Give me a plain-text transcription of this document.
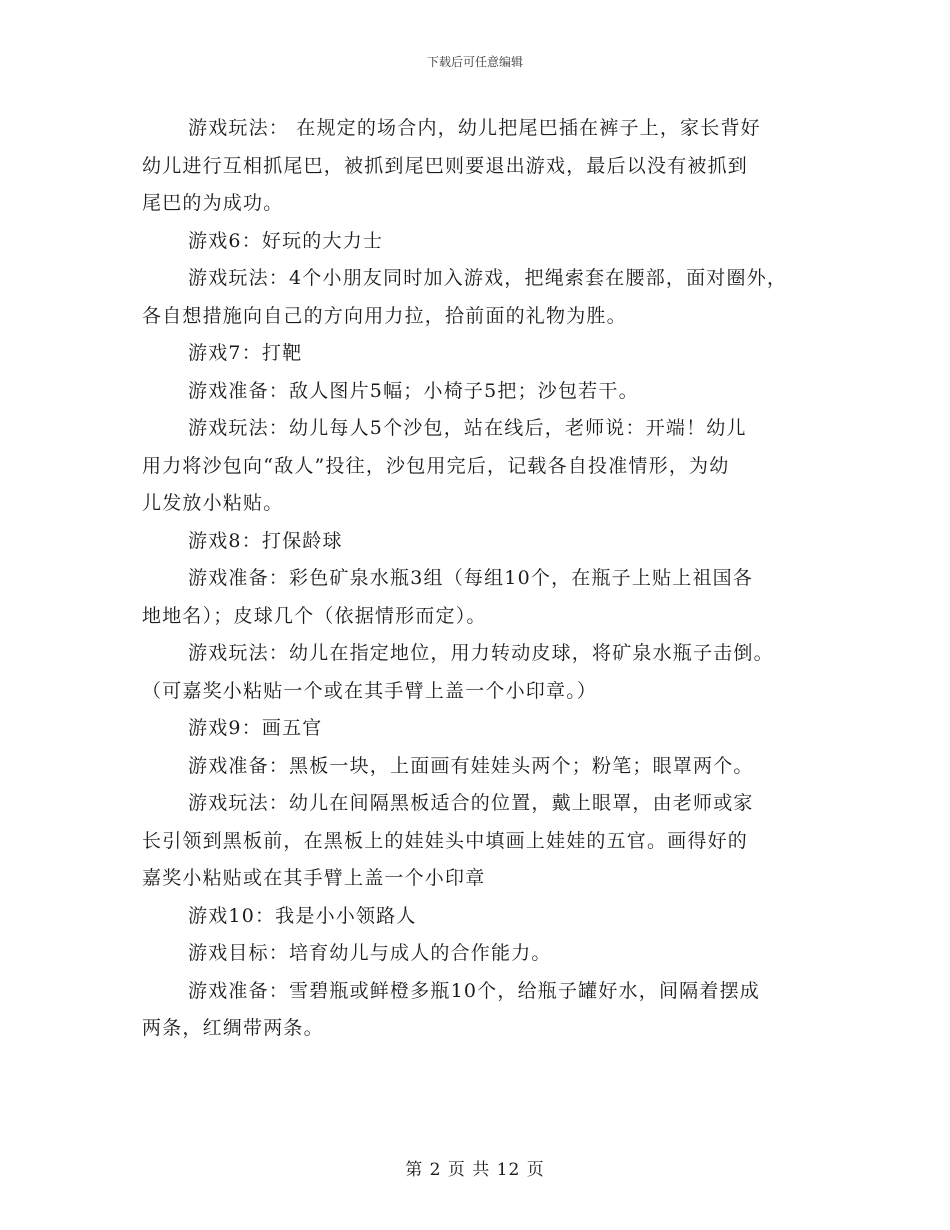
下载后可任意编辑
游戏玩法： 在规定的场合内，幼儿把尾巴插在裤子上，家长背好
幼儿进行互相抓尾巴，被抓到尾巴则要退出游戏，最后以没有被抓到
尾巴的为成功。
游戏6：好玩的大力士
游戏玩法：4个小朋友同时加入游戏，把绳索套在腰部，面对圈外，
各自想措施向自己的方向用力拉，拾前面的礼物为胜。
游戏7：打靶
游戏准备：敌人图片5幅；小椅子5把；沙包若干。
游戏玩法：幼儿每人5个沙包，站在线后，老师说：开端！幼儿
用力将沙包向“敌人”投往，沙包用完后，记载各自投准情形，为幼
儿发放小粘贴。
游戏8：打保龄球
游戏准备：彩色矿泉水瓶3组（每组10个，在瓶子上贴上祖国各
地地名）；皮球几个（依据情形而定）。
游戏玩法：幼儿在指定地位，用力转动皮球，将矿泉水瓶子击倒。
（可嘉奖小粘贴一个或在其手臂上盖一个小印章。）
游戏9：画五官
游戏准备：黑板一块，上面画有娃娃头两个；粉笔；眼罩两个。
游戏玩法：幼儿在间隔黑板适合的位置，戴上眼罩，由老师或家
长引领到黑板前，在黑板上的娃娃头中填画上娃娃的五官。画得好的
嘉奖小粘贴或在其手臂上盖一个小印章
游戏10：我是小小领路人
游戏目标：培育幼儿与成人的合作能力。
游戏准备：雪碧瓶或鲜橙多瓶10个，给瓶子罐好水，间隔着摆成
两条，红绸带两条。
第 2 页 共 12 页
